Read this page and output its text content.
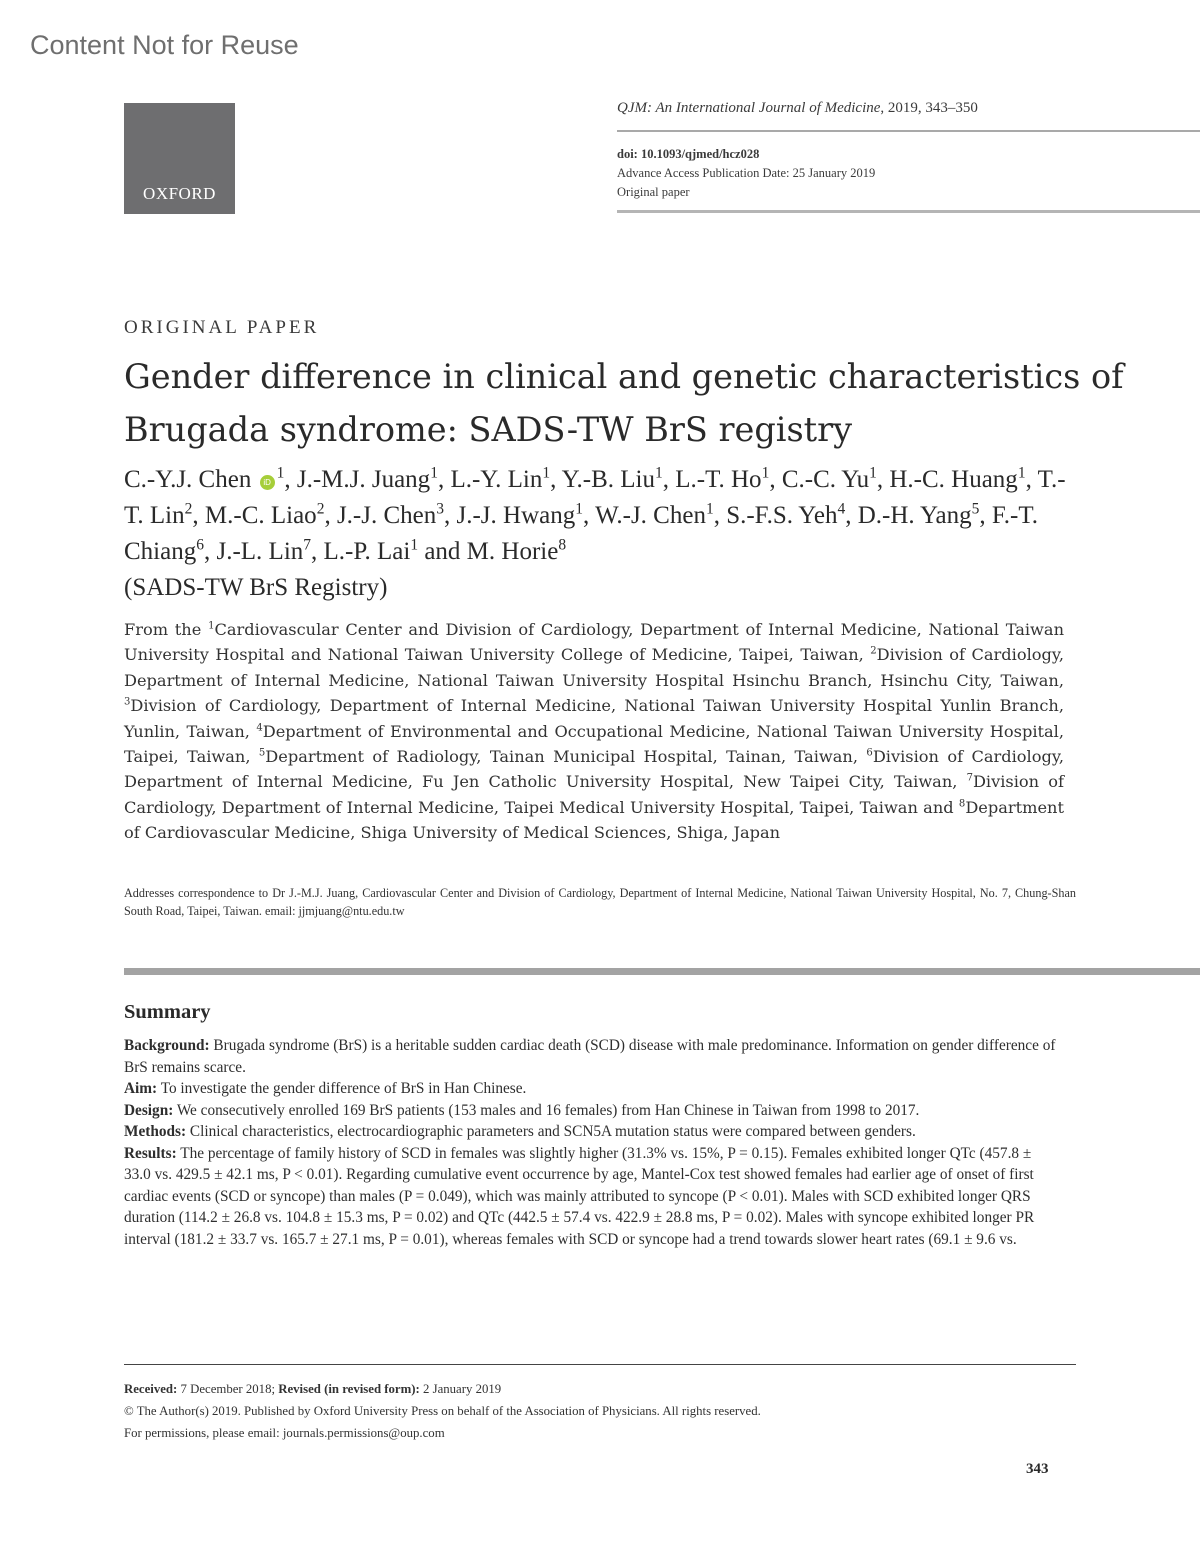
Content Not for Reuse
OXFORD
QJM: An International Journal of Medicine, 2019, 343–350
doi: 10.1093/qjmed/hcz028
Advance Access Publication Date: 25 January 2019
Original paper
ORIGINAL PAPER
Gender difference in clinical and genetic characteristics of Brugada syndrome: SADS-TW BrS registry
C.-Y.J. Chen $iD^1$, J.-M.J. Juang$^1$, L.-Y. Lin$^1$, Y.-B. Liu$^1$, L.-T. Ho$^1$, C.-C. Yu$^1$, H.-C. Huang$^1$, T.-T. Lin$^2$, M.-C. Liao$^2$, J.-J. Chen$^3$, J.-J. Hwang$^1$, W.-J. Chen$^1$, S.-F.S. Yeh$^4$, D.-H. Yang$^5$, F.-T. Chiang$^6$, J.-L. Lin$^7$, L.-P. Lai$^1$ and M. Horie$^8$
(SADS-TW BrS Registry)
From the $^1$Cardiovascular Center and Division of Cardiology, Department of Internal Medicine, National Taiwan University Hospital and National Taiwan University College of Medicine, Taipei, Taiwan, $^2$Division of Cardiology, Department of Internal Medicine, National Taiwan University Hospital Hsinchu Branch, Hsinchu City, Taiwan, $^3$Division of Cardiology, Department of Internal Medicine, National Taiwan University Hospital Yunlin Branch, Yunlin, Taiwan, $^4$Department of Environmental and Occupational Medicine, National Taiwan University Hospital, Taipei, Taiwan, $^5$Department of Radiology, Tainan Municipal Hospital, Tainan, Taiwan, $^6$Division of Cardiology, Department of Internal Medicine, Fu Jen Catholic University Hospital, New Taipei City, Taiwan, $^7$Division of Cardiology, Department of Internal Medicine, Taipei Medical University Hospital, Taipei, Taiwan and $^8$Department of Cardiovascular Medicine, Shiga University of Medical Sciences, Shiga, Japan
Addresses correspondence to Dr J.-M.J. Juang, Cardiovascular Center and Division of Cardiology, Department of Internal Medicine, National Taiwan University Hospital, No. 7, Chung-Shan South Road, Taipei, Taiwan. email: jjmjuang@ntu.edu.tw
Summary

Background: Brugada syndrome (BrS) is a heritable sudden cardiac death (SCD) disease with male predominance. Information on gender difference of BrS remains scarce.

Aim: To investigate the gender difference of BrS in Han Chinese.

Design: We consecutively enrolled 169 BrS patients (153 males and 16 females) from Han Chinese in Taiwan from 1998 to 2017.

Methods: Clinical characteristics, electrocardiographic parameters and SCN5A mutation status were compared between genders.

Results: The percentage of family history of SCD in females was slightly higher (31.3% vs. 15%, P = 0.15). Females exhibited longer QTc (457.8 ± 33.0 vs. 429.5 ± 42.1 ms, P < 0.01). Regarding cumulative event occurrence by age, Mantel-Cox test showed females had earlier age of onset of first cardiac events (SCD or syncope) than males (P = 0.049), which was mainly attributed to syncope (P < 0.01). Males with SCD exhibited longer QRS duration (114.2 ± 26.8 vs. 104.8 ± 15.3 ms, P = 0.02) and QTc (442.5 ± 57.4 vs. 422.9 ± 28.8 ms, P = 0.02). Males with syncope exhibited longer PR interval (181.2 ± 33.7 vs. 165.7 ± 27.1 ms, P = 0.01), whereas females with SCD or syncope had a trend towards slower heart rates (69.1 ± 9.6 vs.

Received: 7 December 2018; Revised (in revised form): 2 January 2019
© The Author(s) 2019. Published by Oxford University Press on behalf of the Association of Physicians. All rights reserved.
For permissions, please email: journals.permissions@oup.com
343
